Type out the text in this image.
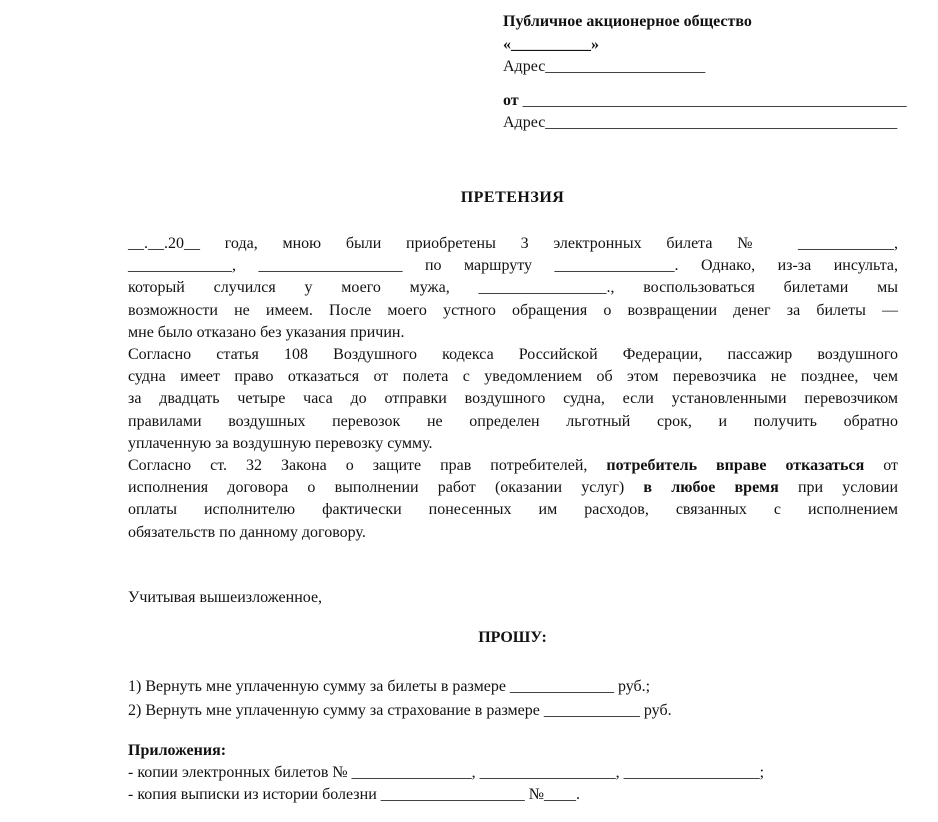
Публичное акционерное общество
«__________»
Адрес____________________
от ________________________________________________
Адрес____________________________________________
ПРЕТЕНЗИЯ
__.__.20__ года, мною были приобретены 3 электронных билета № ____________,
_____________, __________________ по маршруту _______________. Однако, из-за инсульта,
который случился у моего мужа, ________________., воспользоваться билетами мы
возможности не имеем. После моего устного обращения о возвращении денег за билеты —
мне было отказано без указания причин.
Согласно статья 108 Воздушного кодекса Российской Федерации, пассажир воздушного
судна имеет право отказаться от полета с уведомлением об этом перевозчика не позднее, чем
за двадцать четыре часа до отправки воздушного судна, если установленными перевозчиком
правилами воздушных перевозок не определен льготный срок, и получить обратно
уплаченную за воздушную перевозку сумму.
Согласно ст. 32 Закона о защите прав потребителей, потребитель вправе отказаться от
исполнения договора о выполнении работ (оказании услуг) в любое время при условии
оплаты исполнителю фактически понесенных им расходов, связанных с исполнением
обязательств по данному договору.
Учитывая вышеизложенное,
ПРОШУ:
1) Вернуть мне уплаченную сумму за билеты в размере _____________ руб.;
2) Вернуть мне уплаченную сумму за страхование в размере ____________ руб.
Приложения:
- копии электронных билетов № _______________, _________________, _________________;
- копия выписки из истории болезни __________________ №____.
